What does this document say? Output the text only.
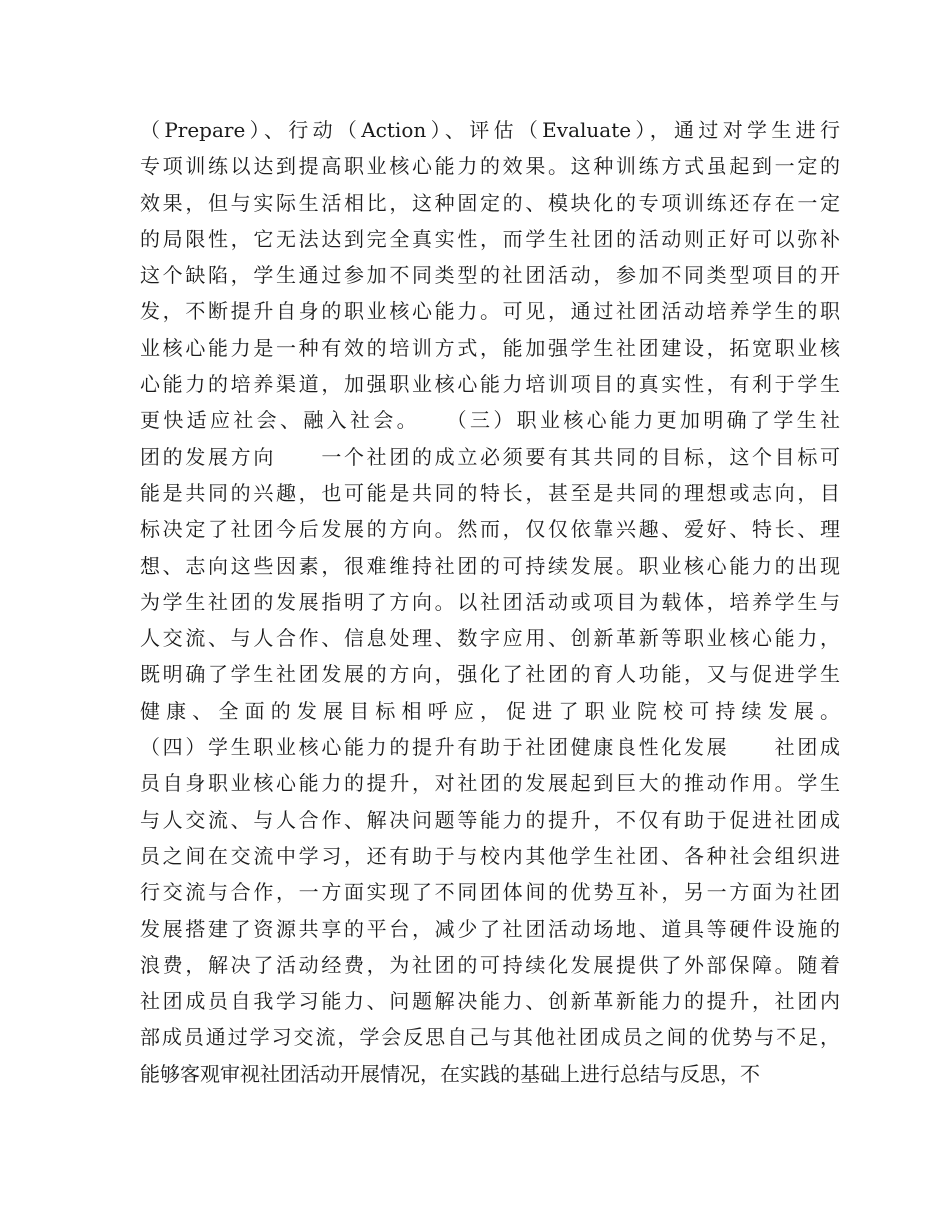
（Prepare）、行动（Action）、评估（Evaluate），通过对学生进行
专项训练以达到提高职业核心能力的效果。这种训练方式虽起到一定的
效果，但与实际生活相比，这种固定的、模块化的专项训练还存在一定
的局限性，它无法达到完全真实性，而学生社团的活动则正好可以弥补
这个缺陷，学生通过参加不同类型的社团活动，参加不同类型项目的开
发，不断提升自身的职业核心能力。可见，通过社团活动培养学生的职
业核心能力是一种有效的培训方式，能加强学生社团建设，拓宽职业核
心能力的培养渠道，加强职业核心能力培训项目的真实性，有利于学生
更快适应社会、融入社会。　　（三）职业核心能力更加明确了学生社
团的发展方向　　一个社团的成立必须要有其共同的目标，这个目标可
能是共同的兴趣，也可能是共同的特长，甚至是共同的理想或志向，目
标决定了社团今后发展的方向。然而，仅仅依靠兴趣、爱好、特长、理
想、志向这些因素，很难维持社团的可持续发展。职业核心能力的出现
为学生社团的发展指明了方向。以社团活动或项目为载体，培养学生与
人交流、与人合作、信息处理、数字应用、创新革新等职业核心能力，
既明确了学生社团发展的方向，强化了社团的育人功能，又与促进学生
健康、全面的发展目标相呼应，促进了职业院校可持续发展。
（四）学生职业核心能力的提升有助于社团健康良性化发展　　社团成
员自身职业核心能力的提升，对社团的发展起到巨大的推动作用。学生
与人交流、与人合作、解决问题等能力的提升，不仅有助于促进社团成
员之间在交流中学习，还有助于与校内其他学生社团、各种社会组织进
行交流与合作，一方面实现了不同团体间的优势互补，另一方面为社团
发展搭建了资源共享的平台，减少了社团活动场地、道具等硬件设施的
浪费，解决了活动经费，为社团的可持续化发展提供了外部保障。随着
社团成员自我学习能力、问题解决能力、创新革新能力的提升，社团内
部成员通过学习交流，学会反思自己与其他社团成员之间的优势与不足，
能够客观审视社团活动开展情况，在实践的基础上进行总结与反思，不
